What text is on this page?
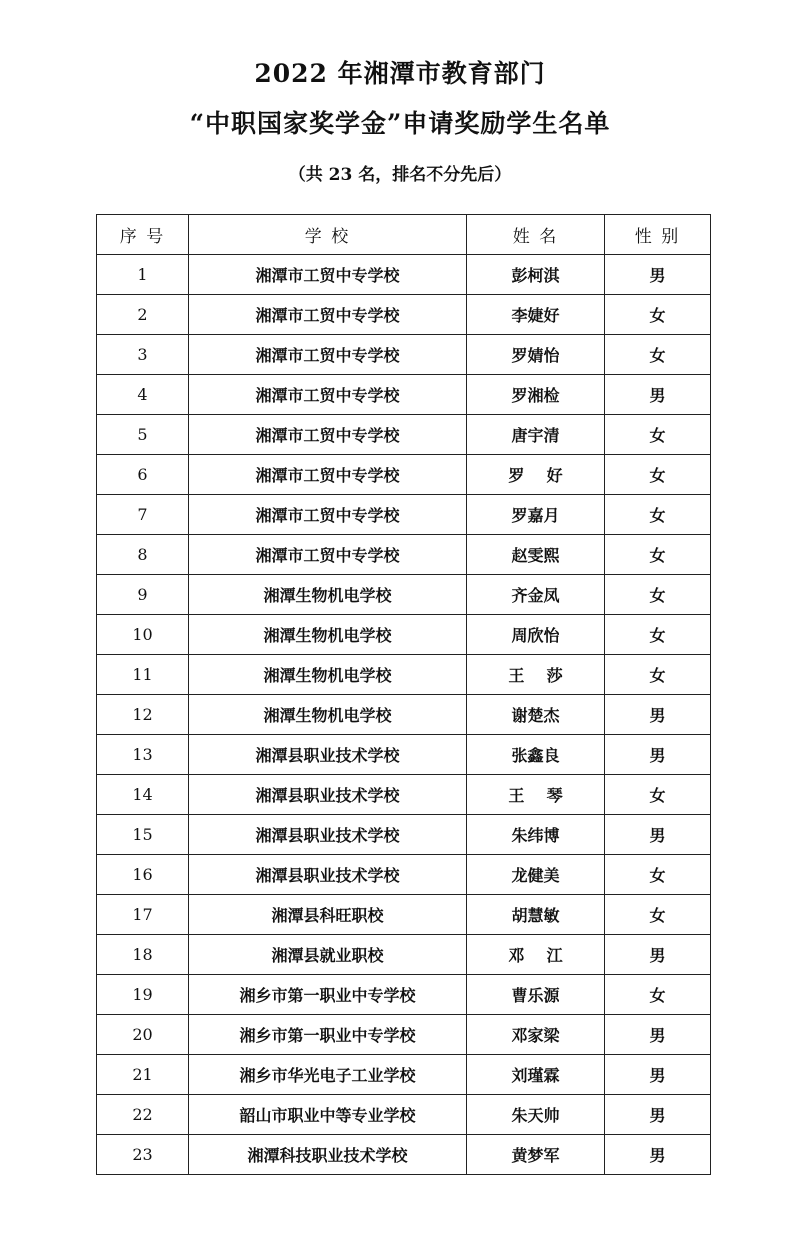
2022 年湘潭市教育部门
“中职国家奖学金”申请奖励学生名单
（共 23 名，排名不分先后）
序 号	学 校	姓 名	性 别
1	湘潭市工贸中专学校	彭柯淇	男
2	湘潭市工贸中专学校	李婕好	女
3	湘潭市工贸中专学校	罗婧怡	女
4	湘潭市工贸中专学校	罗湘检	男
5	湘潭市工贸中专学校	唐宇清	女
6	湘潭市工贸中专学校	罗    好	女
7	湘潭市工贸中专学校	罗嘉月	女
8	湘潭市工贸中专学校	赵雯熙	女
9	湘潭生物机电学校	齐金凤	女
10	湘潭生物机电学校	周欣怡	女
11	湘潭生物机电学校	王    莎	女
12	湘潭生物机电学校	谢楚杰	男
13	湘潭县职业技术学校	张鑫良	男
14	湘潭县职业技术学校	王    琴	女
15	湘潭县职业技术学校	朱纬博	男
16	湘潭县职业技术学校	龙健美	女
17	湘潭县科旺职校	胡慧敏	女
18	湘潭县就业职校	邓    江	男
19	湘乡市第一职业中专学校	曹乐源	女
20	湘乡市第一职业中专学校	邓家梁	男
21	湘乡市华光电子工业学校	刘瑾霖	男
22	韶山市职业中等专业学校	朱天帅	男
23	湘潭科技职业技术学校	黄梦军	男
